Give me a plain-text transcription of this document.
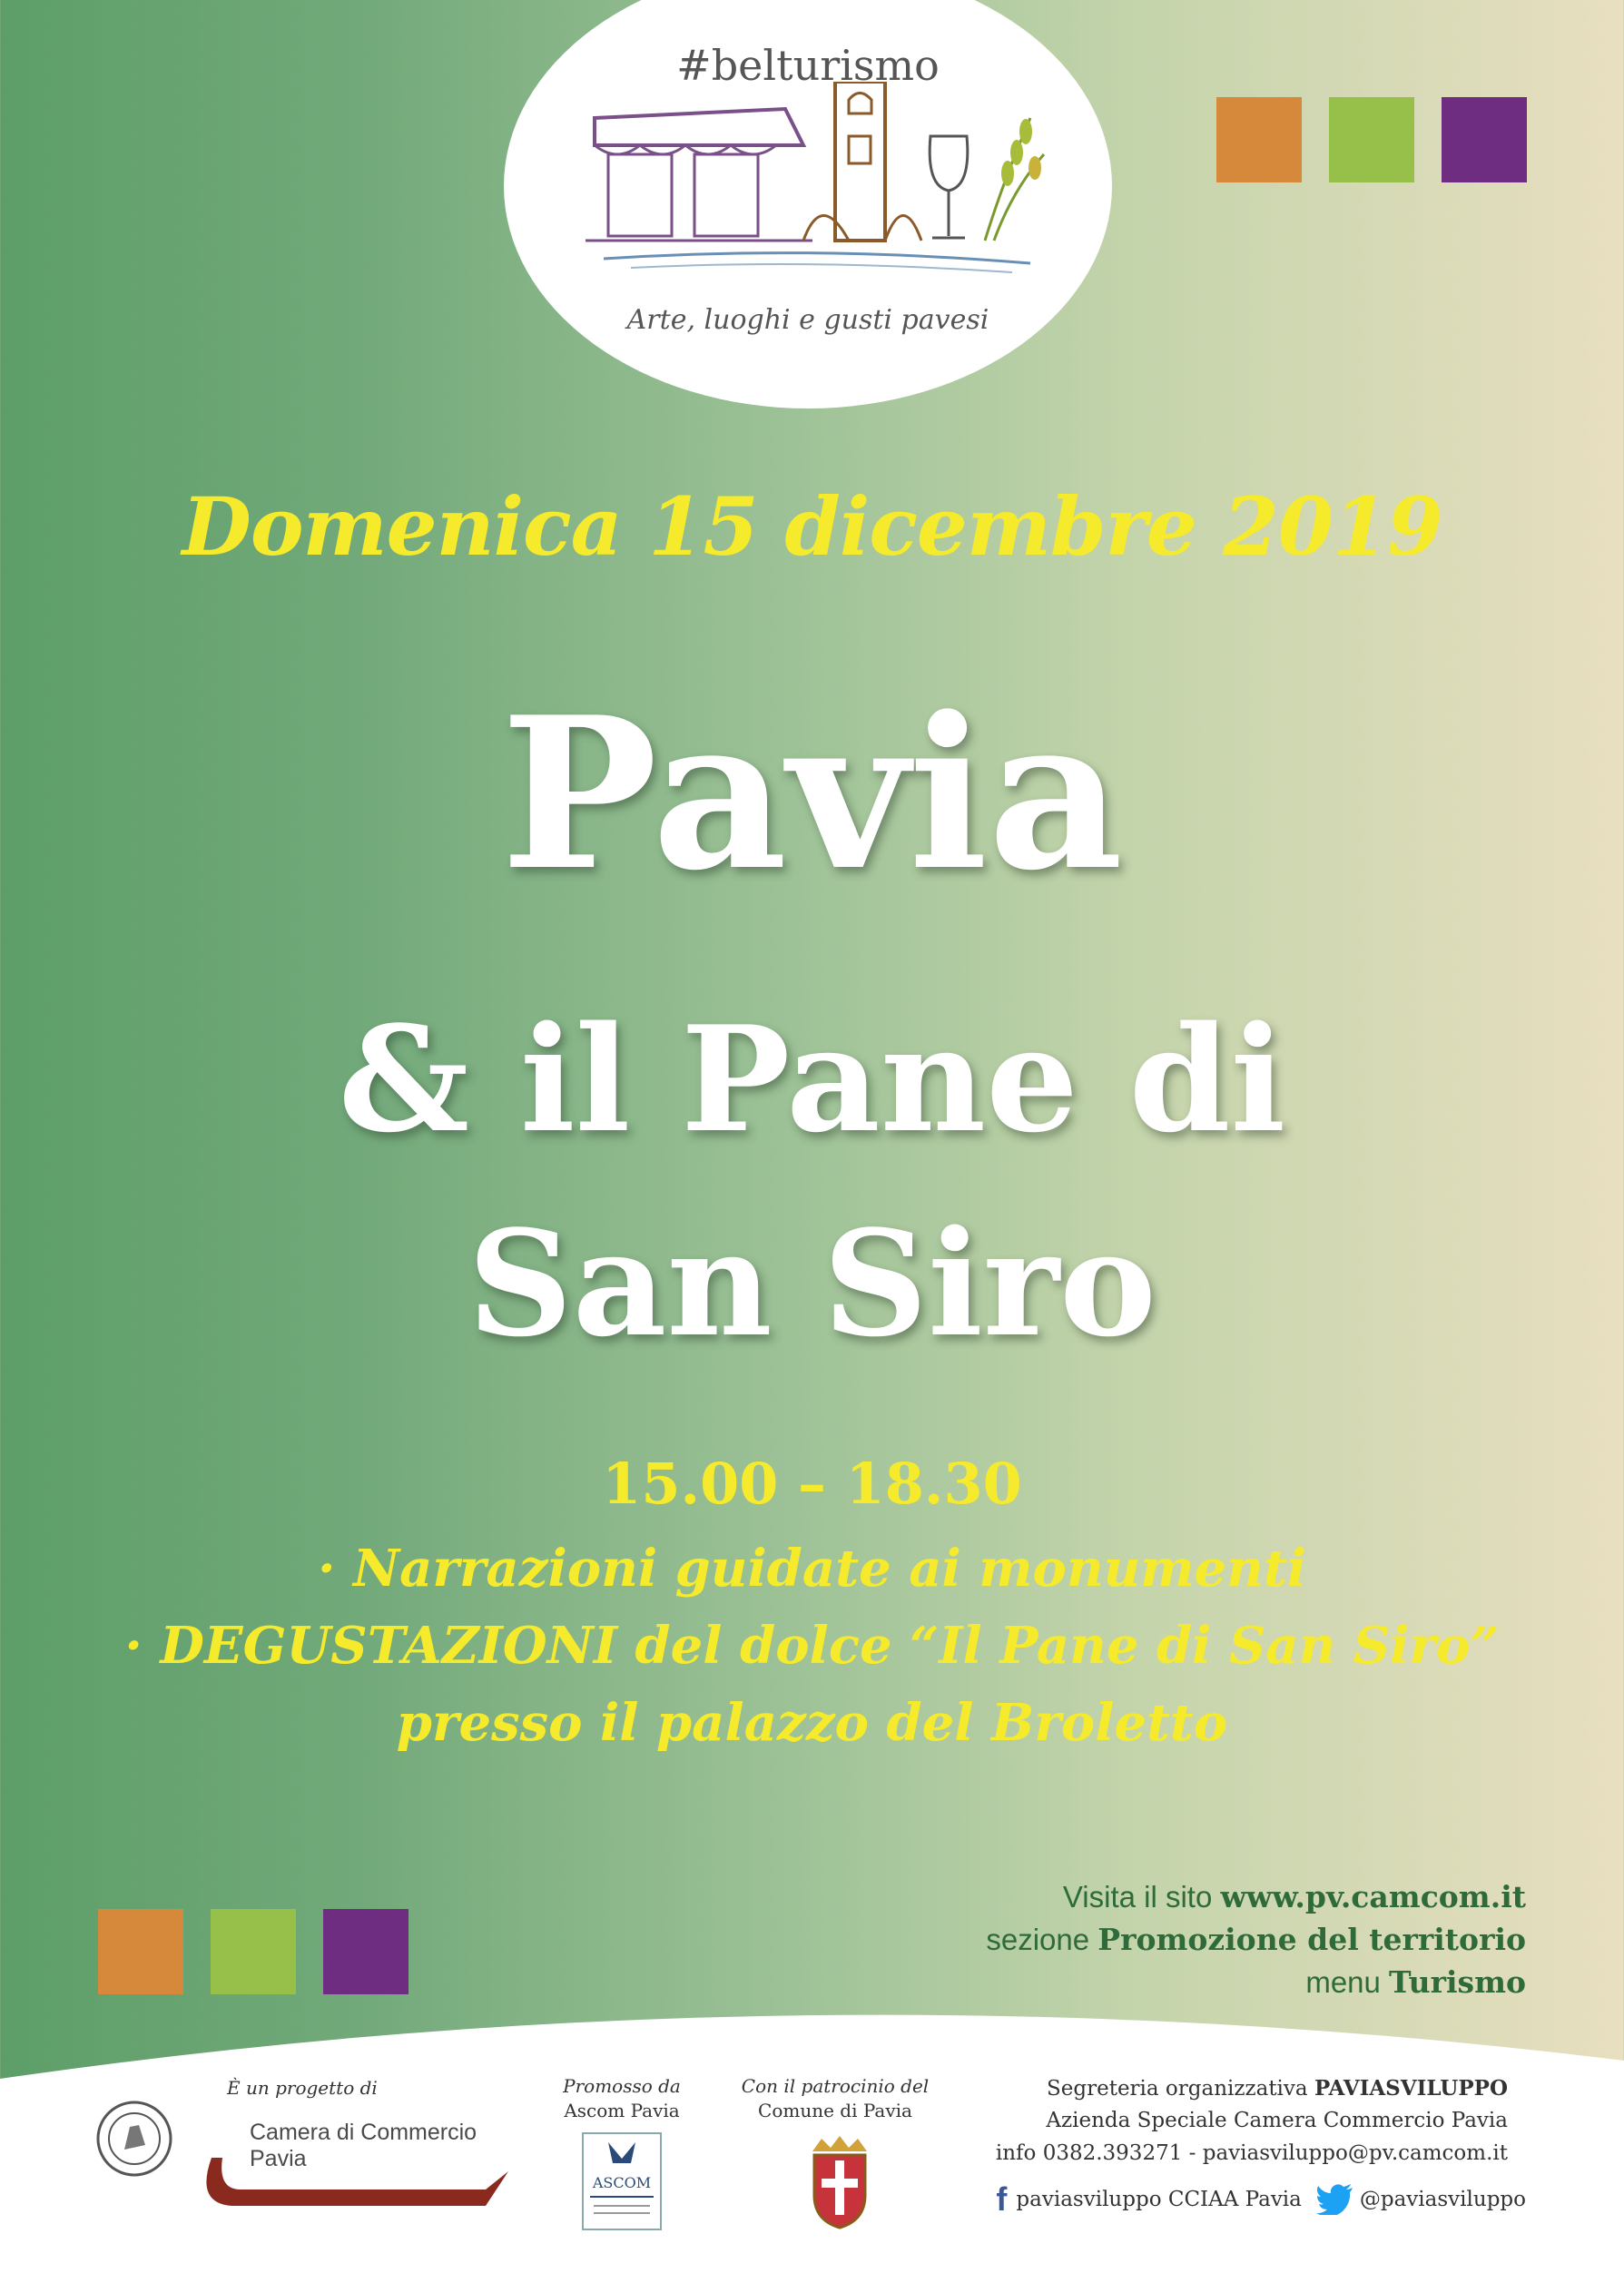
#belturismo
Arte, luoghi e gusti pavesi
Domenica 15 dicembre 2019
Pavia
& il Pane di
San Siro
15.00 – 18.30
· Narrazioni guidate ai monumenti
· DEGUSTAZIONI del dolce “Il Pane di San Siro”
presso il palazzo del Broletto
Visita il sito www.pv.camcom.it
sezione Promozione del territorio
menu Turismo
È un progetto di
Camera di Commercio
Pavia
Promosso da
Ascom Pavia
ASCOM
Con il patrocinio del
Comune di Pavia
Segreteria organizzativa PAVIASVILUPPO
Azienda Speciale Camera Commercio Pavia
info 0382.393271 - paviasviluppo@pv.camcom.it
f paviasviluppo CCIAA Pavia	@paviasviluppo
